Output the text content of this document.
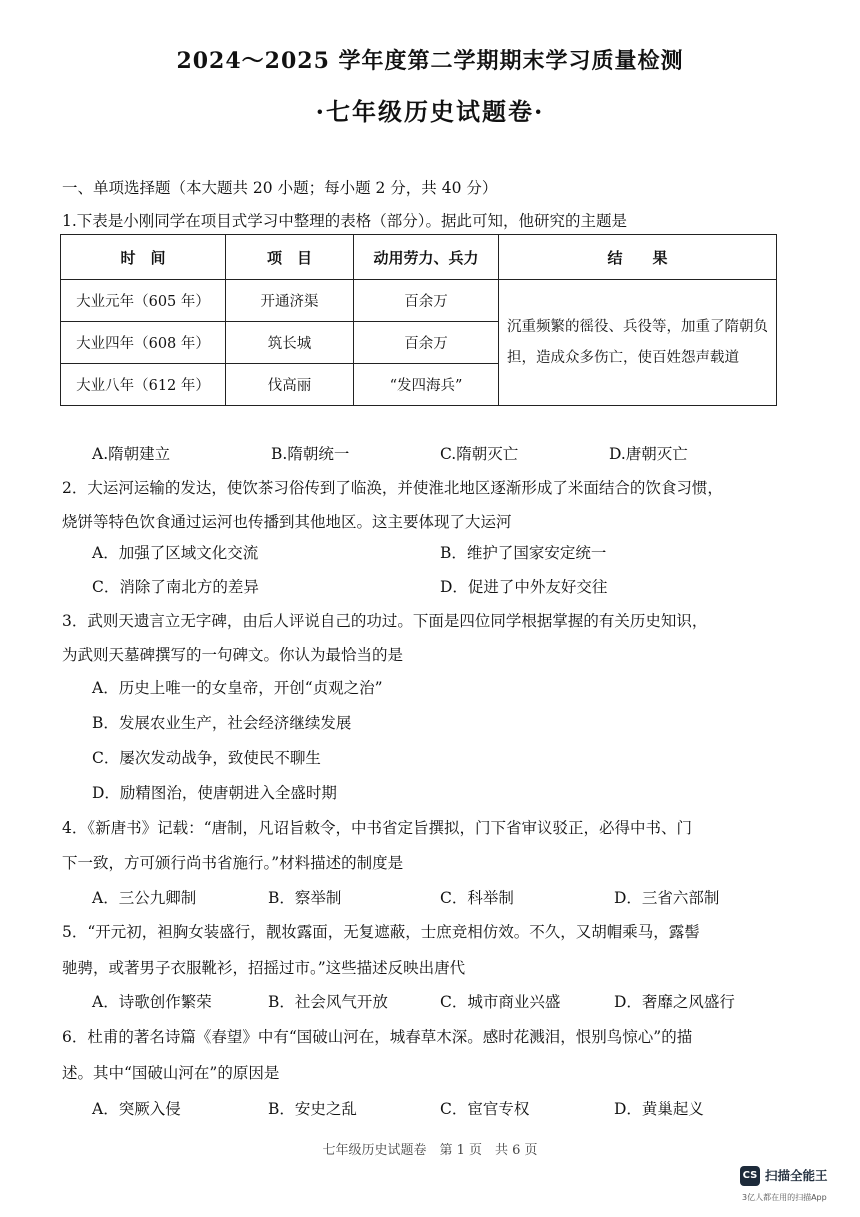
2024～2025 学年度第二学期期末学习质量检测
·七年级历史试题卷·
一、单项选择题（本大题共 20 小题；每小题 2 分，共 40 分）
1.下表是小刚同学在项目式学习中整理的表格（部分）。据此可知，他研究的主题是
时　间	项　目	动用劳力、兵力	结　　果
大业元年（605 年）	开通济渠	百余万	沉重频繁的徭役、兵役等，加重了隋朝负担，造成众多伤亡，使百姓怨声载道
大业四年（608 年）	筑长城	百余万	
大业八年（612 年）	伐高丽	“发四海兵”	
A.隋朝建立	B.隋朝统一	C.隋朝灭亡	D.唐朝灭亡
2．大运河运输的发达，使饮茶习俗传到了临涣，并使淮北地区逐渐形成了米面结合的饮食习惯，
烧饼等特色饮食通过运河也传播到其他地区。这主要体现了大运河
A．加强了区域文化交流	B．维护了国家安定统一
C．消除了南北方的差异	D．促进了中外友好交往
3．武则天遗言立无字碑，由后人评说自己的功过。下面是四位同学根据掌握的有关历史知识，
为武则天墓碑撰写的一句碑文。你认为最恰当的是
A．历史上唯一的女皇帝，开创“贞观之治”
B．发展农业生产，社会经济继续发展
C．屡次发动战争，致使民不聊生
D．励精图治，使唐朝进入全盛时期
4．《新唐书》记载：“唐制，凡诏旨敕令，中书省定旨撰拟，门下省审议驳正，必得中书、门
下一致，方可颁行尚书省施行。”材料描述的制度是
A．三公九卿制	B．察举制	C．科举制	D．三省六部制
5．“开元初，袒胸女装盛行，靓妆露面，无复遮蔽，士庶竞相仿效。不久，又胡帽乘马，露髻
驰骋，或著男子衣服靴衫，招摇过市。”这些描述反映出唐代
A．诗歌创作繁荣	B．社会风气开放	C．城市商业兴盛	D．奢靡之风盛行
6．杜甫的著名诗篇《春望》中有“国破山河在，城春草木深。感时花溅泪，恨别鸟惊心”的描
述。其中“国破山河在”的原因是
A．突厥入侵	B．安史之乱	C．宦官专权	D．黄巢起义
七年级历史试题卷　第 1 页　共 6 页
CS 扫描全能王
3亿人都在用的扫描App
